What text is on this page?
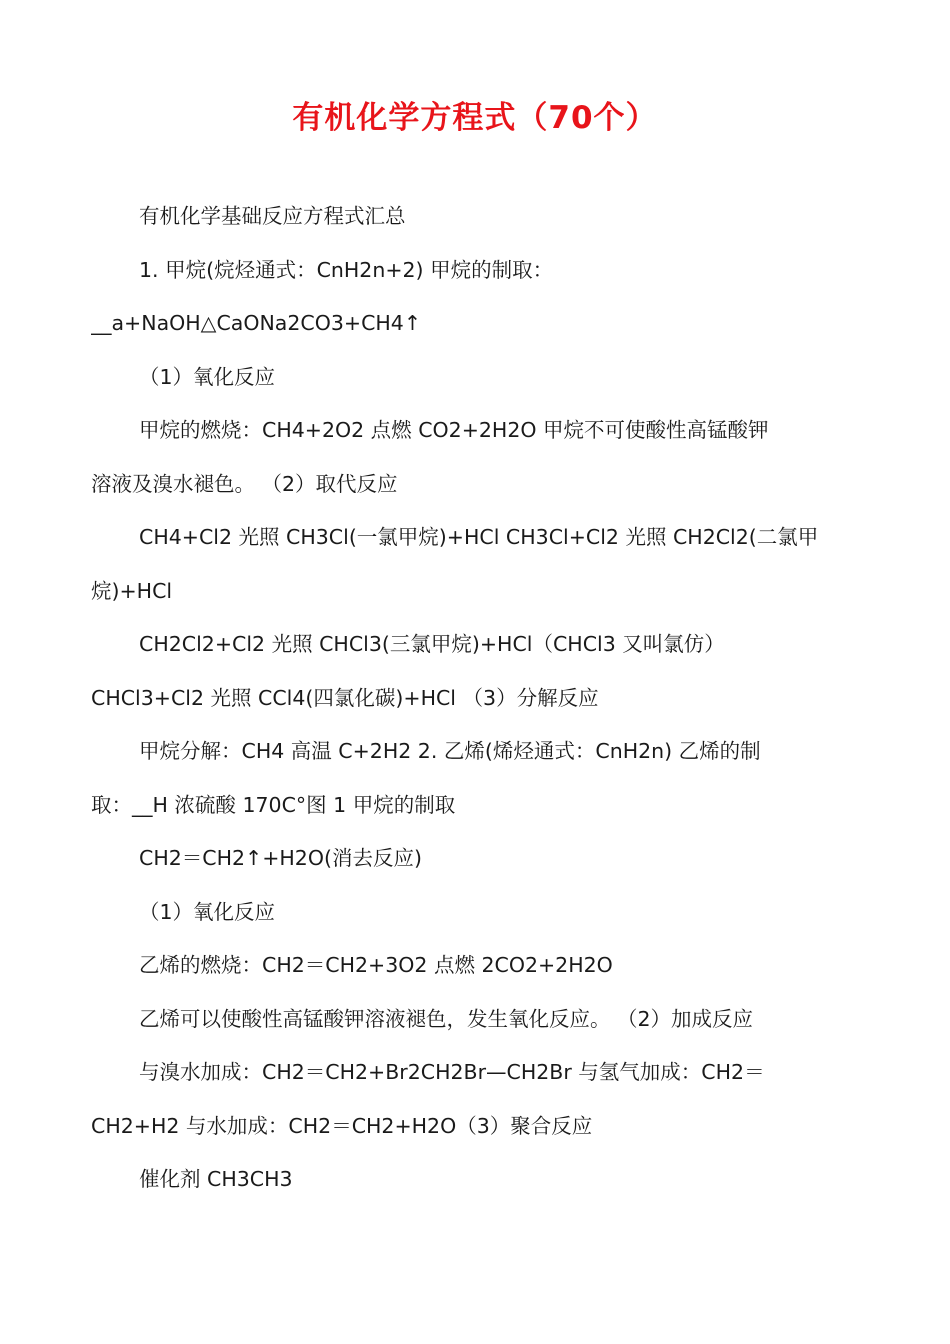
有机化学方程式（70个）
有机化学基础反应方程式汇总
1. 甲烷(烷烃通式：CnH2n+2) 甲烷的制取：
__a+NaOH△CaONa2CO3+CH4↑
（1）氧化反应
甲烷的燃烧：CH4+2O2 点燃 CO2+2H2O 甲烷不可使酸性高锰酸钾
溶液及溴水褪色。 （2）取代反应
CH4+Cl2 光照 CH3Cl(一氯甲烷)+HCl CH3Cl+Cl2 光照 CH2Cl2(二氯甲
烷)+HCl
CH2Cl2+Cl2 光照 CHCl3(三氯甲烷)+HCl（CHCl3 又叫氯仿）
CHCl3+Cl2 光照 CCl4(四氯化碳)+HCl （3）分解反应
甲烷分解：CH4 高温 C+2H2 2. 乙烯(烯烃通式：CnH2n) 乙烯的制
取：__H 浓硫酸 170C°图 1 甲烷的制取
CH2＝CH2↑+H2O(消去反应)
（1）氧化反应
乙烯的燃烧：CH2＝CH2+3O2 点燃 2CO2+2H2O
乙烯可以使酸性高锰酸钾溶液褪色，发生氧化反应。 （2）加成反应
与溴水加成：CH2＝CH2+Br2CH2Br—CH2Br 与氢气加成：CH2＝
CH2+H2 与水加成：CH2＝CH2+H2O（3）聚合反应
催化剂 CH3CH3
